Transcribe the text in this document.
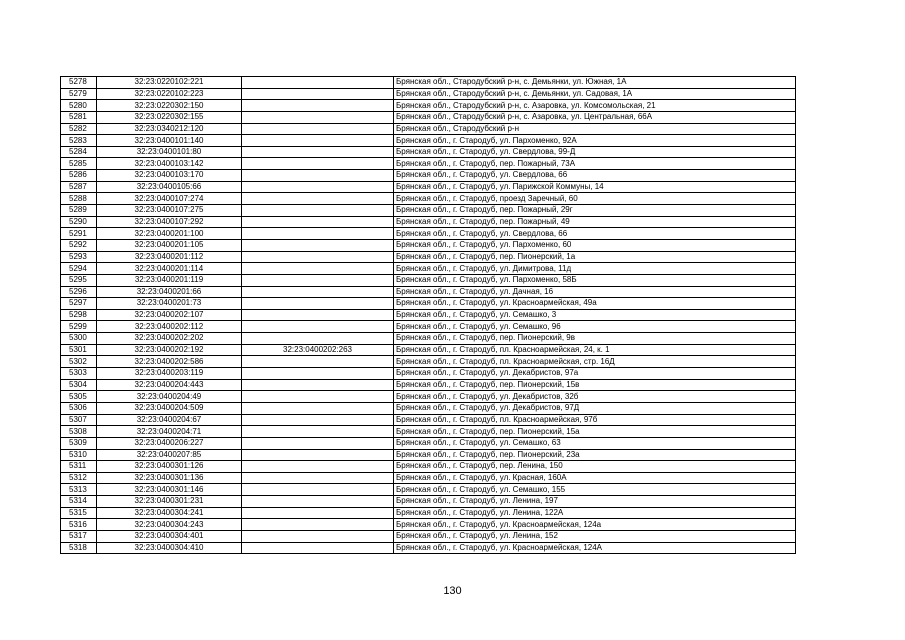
5278	32:23:0220102:221		Брянская обл., Стародубский р-н, с. Демьянки, ул. Южная, 1А
5279	32:23:0220102:223		Брянская обл., Стародубский р-н, с. Демьянки, ул. Садовая, 1А
5280	32:23:0220302:150		Брянская обл., Стародубский р-н, с. Азаровка, ул. Комсомольская, 21
5281	32:23:0220302:155		Брянская обл., Стародубский р-н, с. Азаровка, ул. Центральная, 66А
5282	32:23:0340212:120		Брянская обл., Стародубский р-н
5283	32:23:0400101:140		Брянская обл., г. Стародуб, ул. Пархоменко, 92А
5284	32:23:0400101:80		Брянская обл., г. Стародуб, ул. Свердлова, 99-Д
5285	32:23:0400103:142		Брянская обл., г. Стародуб, пер. Пожарный, 73А
5286	32:23:0400103:170		Брянская обл., г. Стародуб, ул. Свердлова, 66
5287	32:23:0400105:66		Брянская обл., г. Стародуб, ул. Парижской Коммуны, 14
5288	32:23:0400107:274		Брянская обл., г. Стародуб, проезд Заречный, 60
5289	32:23:0400107:275		Брянская обл., г. Стародуб, пер. Пожарный, 29г
5290	32:23:0400107:292		Брянская обл., г. Стародуб, пер. Пожарный, 49
5291	32:23:0400201:100		Брянская обл., г. Стародуб, ул. Свердлова, 66
5292	32:23:0400201:105		Брянская обл., г. Стародуб, ул. Пархоменко, 60
5293	32:23:0400201:112		Брянская обл., г. Стародуб, пер. Пионерский, 1а
5294	32:23:0400201:114		Брянская обл., г. Стародуб, ул. Димитрова, 11д
5295	32:23:0400201:119		Брянская обл., г. Стародуб, ул. Пархоменко, 58Б
5296	32:23:0400201:66		Брянская обл., г. Стародуб, ул. Дачная, 16
5297	32:23:0400201:73		Брянская обл., г. Стародуб, ул. Красноармейская, 49а
5298	32:23:0400202:107		Брянская обл., г. Стародуб, ул. Семашко, 3
5299	32:23:0400202:112		Брянская обл., г. Стародуб, ул. Семашко, 96
5300	32:23:0400202:202		Брянская обл., г. Стародуб, пер. Пионерский, 9в
5301	32:23:0400202:192	32:23:0400202:263	Брянская обл., г. Стародуб, пл. Красноармейская, 24, к. 1
5302	32:23:0400202:586		Брянская обл., г. Стародуб, пл. Красноармейская, стр. 16Д
5303	32:23:0400203:119		Брянская обл., г. Стародуб, ул. Декабристов, 97а
5304	32:23:0400204:443		Брянская обл., г. Стародуб, пер. Пионерский, 15в
5305	32:23:0400204:49		Брянская обл., г. Стародуб, ул. Декабристов, 32б
5306	32:23:0400204:509		Брянская обл., г. Стародуб, ул. Декабристов, 97Д
5307	32:23:0400204:67		Брянская обл., г. Стародуб, пл. Красноармейская, 97б
5308	32:23:0400204:71		Брянская обл., г. Стародуб, пер. Пионерский, 15а
5309	32:23:0400206:227		Брянская обл., г. Стародуб, ул. Семашко, 63
5310	32:23:0400207:85		Брянская обл., г. Стародуб, пер. Пионерский, 23а
5311	32:23:0400301:126		Брянская обл., г. Стародуб, пер. Ленина, 150
5312	32:23:0400301:136		Брянская обл., г. Стародуб, ул. Красная, 160А
5313	32:23:0400301:146		Брянская обл., г. Стародуб, ул. Семашко, 155
5314	32:23:0400301:231		Брянская обл., г. Стародуб, ул. Ленина, 197
5315	32:23:0400304:241		Брянская обл., г. Стародуб, ул. Ленина, 122А
5316	32:23:0400304:243		Брянская обл., г. Стародуб, ул. Красноармейская, 124а
5317	32:23:0400304:401		Брянская обл., г. Стародуб, ул. Ленина, 152
5318	32:23:0400304:410		Брянская обл., г. Стародуб, ул. Красноармейская, 124А
130
